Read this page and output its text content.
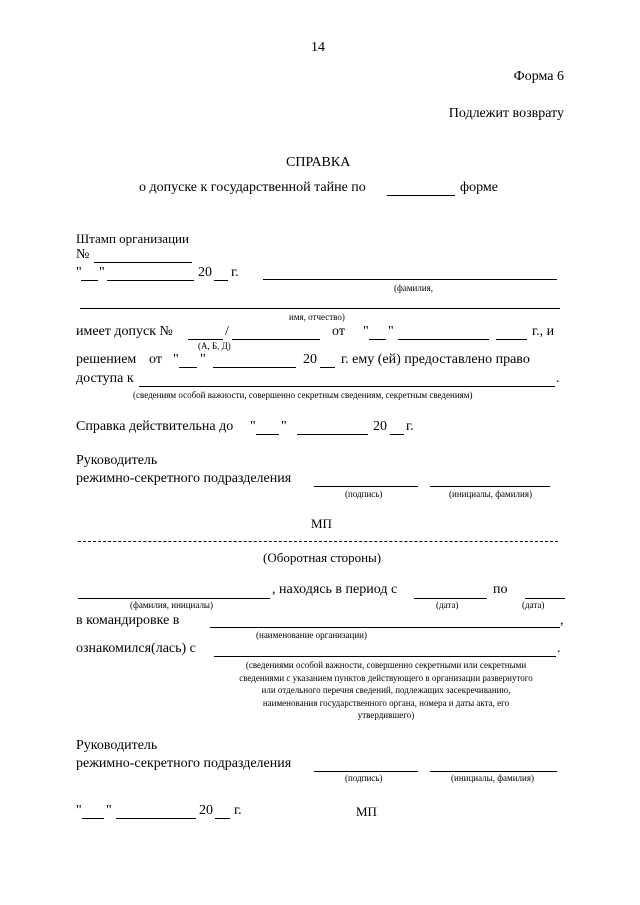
14
Форма 6
Подлежит возврату
СПРАВКА
о допуске к государственной тайне по	форме
Штамп организации
№
" "	20 г.
(фамилия,
имя, отчество)
имеет допуск №	/	от " "	г., и
(А, Б, Д)
решением от " "	20 г. ему (ей) предоставлено право
доступа к	.
(сведениям особой важности, совершенно секретным сведениям, секретным сведениям)
Справка действительна до " "	20 г.
Руководитель
режимно-секретного подразделения
(подпись)	(инициалы, фамилия)
МП
(Оборотная стороны)
, находясь в период с	по
(фамилия, инициалы)	(дата)	(дата)
в командировке в	,
(наименование организации)
ознакомился(лась) с	.
(сведениями особой важности, совершенно секретными или секретными
сведениями с указанием пунктов действующего в организации развернутого
или отдельного перечня сведений, подлежащих засекречиванию,
наименования государственного органа, номера и даты акта, его
утвердившего)
Руководитель
режимно-секретного подразделения
(подпись)	(инициалы, фамилия)
" "	20 г.	МП
